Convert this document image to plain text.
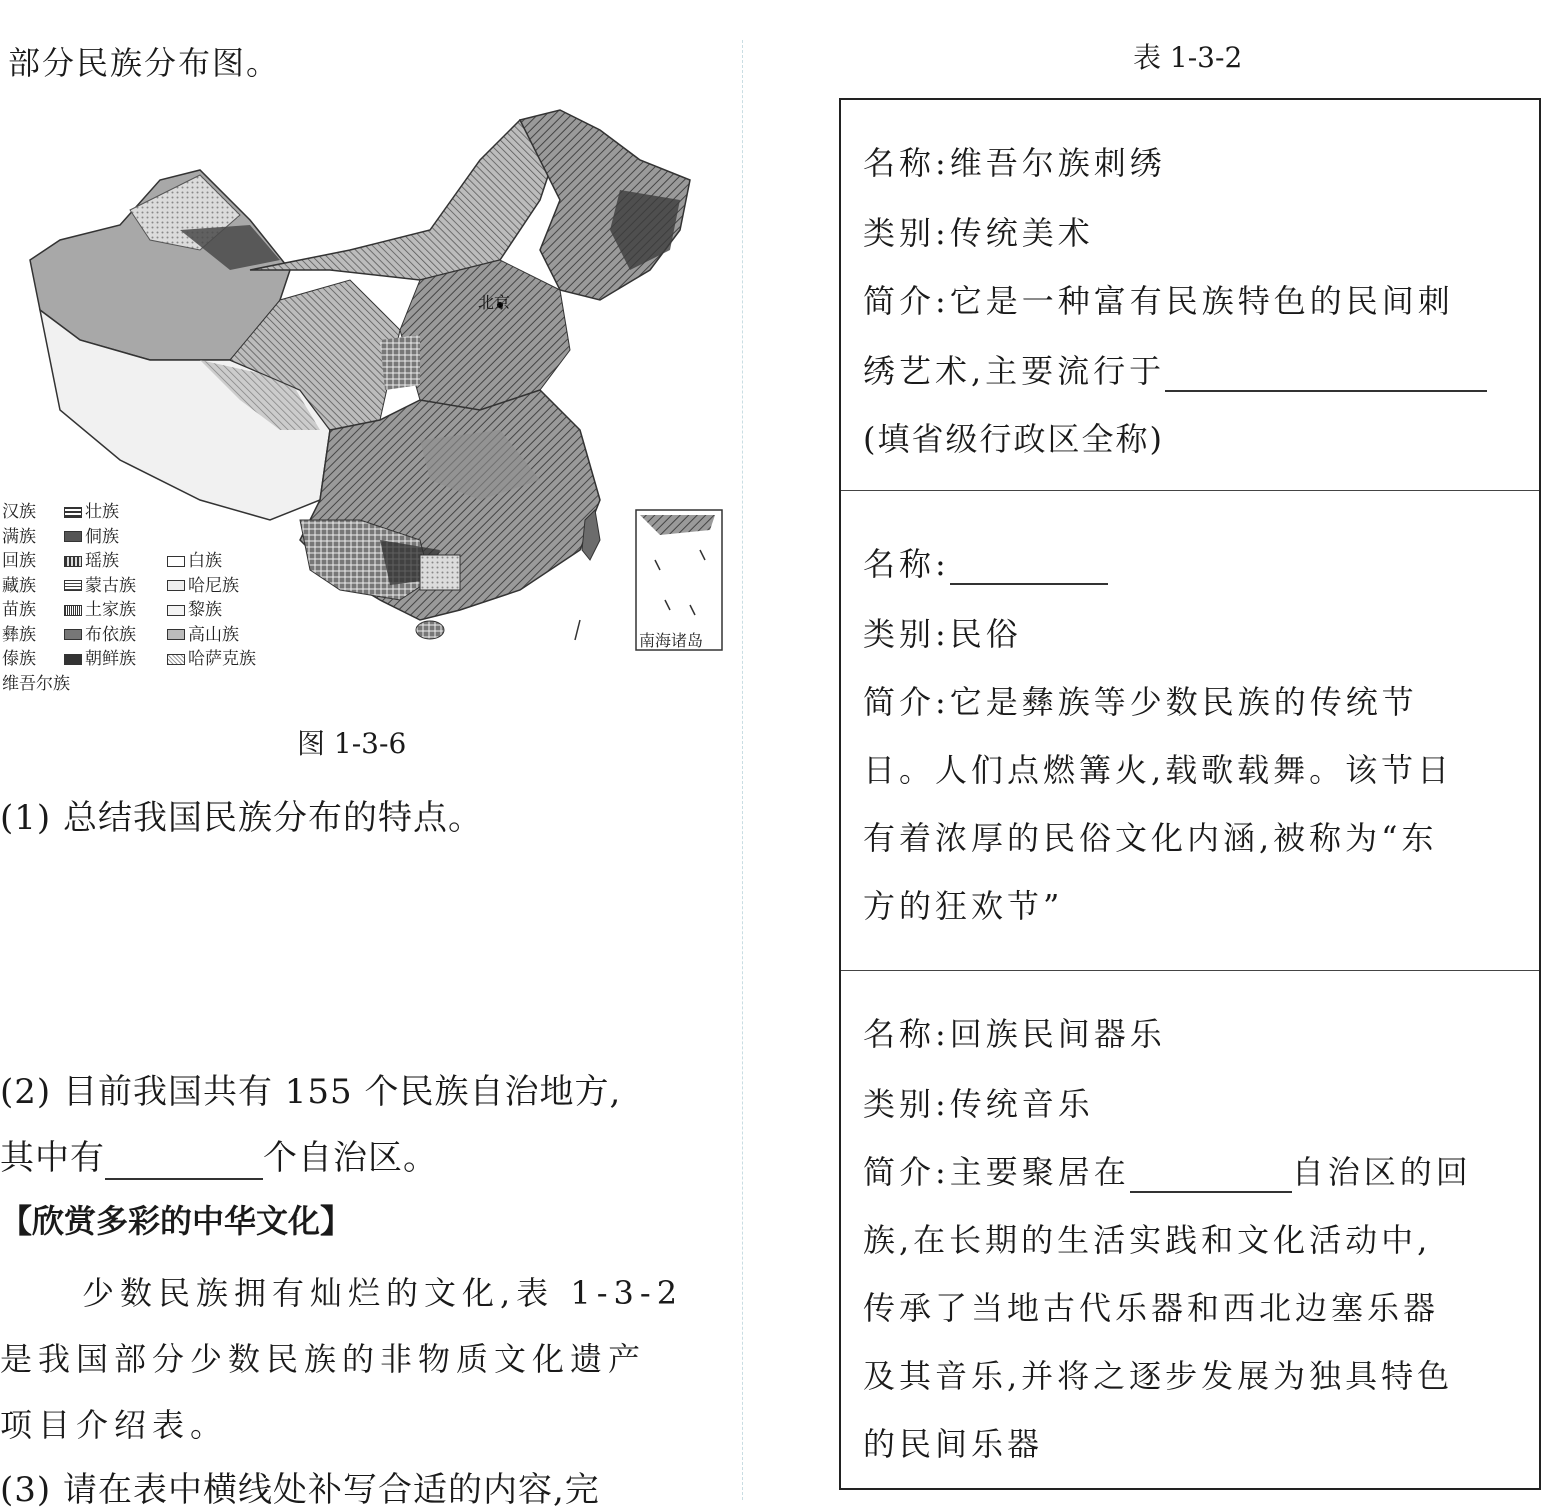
部分民族分布图。
北京
南海诸岛
汉族
满族
回族
藏族
苗族
彝族
傣族
维吾尔族
壮族
侗族
瑶族
蒙古族
土家族
布依族
朝鲜族
白族
哈尼族
黎族
高山族
哈萨克族
图 1-3-6
(1) 总结我国民族分布的特点。
(2) 目前我国共有 155 个民族自治地方,
其中有	个自治区。
【欣赏多彩的中华文化】
少数民族拥有灿烂的文化,表 1-3-2
是我国部分少数民族的非物质文化遗产
项目介绍表。
(3) 请在表中横线处补写合适的内容,完
表 1-3-2
名称:维吾尔族刺绣
类别:传统美术
简介:它是一种富有民族特色的民间刺
绣艺术,主要流行于
(填省级行政区全称)
名称:
类别:民俗
简介:它是彝族等少数民族的传统节
日。人们点燃篝火,载歌载舞。该节日
有着浓厚的民俗文化内涵,被称为“东
方的狂欢节”
名称:回族民间器乐
类别:传统音乐
简介:主要聚居在	自治区的回
族,在长期的生活实践和文化活动中,
传承了当地古代乐器和西北边塞乐器
及其音乐,并将之逐步发展为独具特色
的民间乐器
